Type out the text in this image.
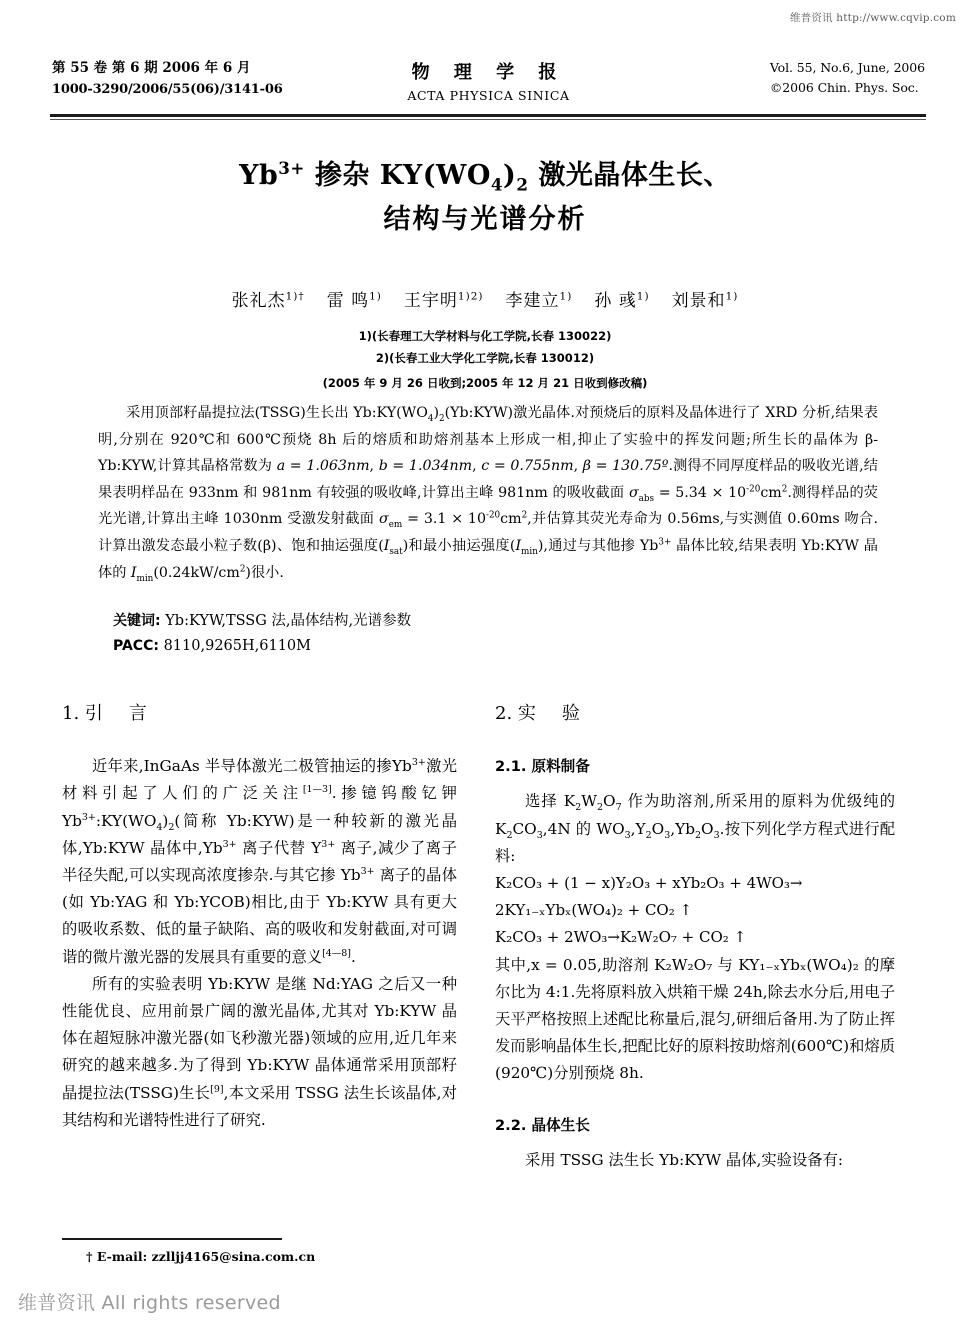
维普资讯 http://www.cqvip.com
第 55 卷 第 6 期 2006 年 6 月
1000-3290/2006/55(06)/3141-06
物 理 学 报
ACTA PHYSICA SINICA
Vol. 55, No.6, June, 2006
©2006 Chin. Phys. Soc.
$Yb^{3+}$ 掺杂 $KY(WO_4)_2$ 激光晶体生长、
结构与光谱分析
张礼杰$^{1)\dagger}$ 雷 鸣$^{1)}$ 王宇明$^{1)2)}$ 李建立$^{1)}$ 孙 彧$^{1)}$ 刘景和$^{1)}$
1)(长春理工大学材料与化工学院,长春 130022)
2)(长春工业大学化工学院,长春 130012)
(2005 年 9 月 26 日收到;2005 年 12 月 21 日收到修改稿)
采用顶部籽晶提拉法(TSSG)生长出 $Yb:KY(WO_4)_2(Yb:KYW)$激光晶体.对预烧后的原料及晶体进行了 XRD 分析,结果表明,分别在 920℃和 600℃预烧 8h 后的熔质和助熔剂基本上形成一相,抑止了实验中的挥发问题;所生长的晶体为 β-Yb:KYW,计算其晶格常数为 a = 1.063nm, b = 1.034nm, c = 0.755nm, β = 130.75º.测得不同厚度样品的吸收光谱,结果表明样品在 933nm 和 981nm 有较强的吸收峰,计算出主峰 981nm 的吸收截面 $\sigma_{abs} = 5.34 \times 10^{-20}cm^2$.测得样品的荧光光谱,计算出主峰 1030nm 受激发射截面 $\sigma_{em} = 3.1 \times 10^{-20}cm^2$,并估算其荧光寿命为 0.56ms,与实测值 0.60ms 吻合.计算出激发态最小粒子数(β)、饱和抽运强度$(I_{sat})$和最小抽运强度$(I_{min})$,通过与其他掺 $Yb^{3+}$ 晶体比较,结果表明 Yb:KYW 晶体的 $I_{min}(0.24kW/cm^2)$很小.
关键词: Yb:KYW,TSSG 法,晶体结构,光谱参数
PACC: 8110,9265H,6110M
1. 引 言

近年来,InGaAs 半导体激光二极管抽运的掺$Yb^{3+}$激光材料引起了人们的广泛关注[1—3].掺镱钨酸钇钾 $Yb^{3+}:KY(WO_4)_2$(简称 Yb:KYW)是一种较新的激光晶体,Yb:KYW 晶体中$,Yb^{3+}$ 离子代替 $Y^{3+}$ 离子,减少了离子半径失配,可以实现高浓度掺杂.与其它掺 $Yb^{3+}$ 离子的晶体(如 Yb:YAG 和 Yb:YCOB)相比,由于 Yb:KYW 具有更大的吸收系数、低的量子缺陷、高的吸收和发射截面,对可调谐的微片激光器的发展具有重要的意义[4—8].

所有的实验表明 Yb:KYW 是继 Nd:YAG 之后又一种性能优良、应用前景广阔的激光晶体,尤其对 Yb:KYW 晶体在超短脉冲激光器(如飞秒激光器)领域的应用,近几年来研究的越来越多.为了得到 Yb:KYW 晶体通常采用顶部籽晶提拉法(TSSG)生长[9],本文采用 TSSG 法生长该晶体,对其结构和光谱特性进行了研究.

2. 实 验
2.1. 原料制备

选择 $K_2W_2O_7$ 作为助溶剂,所采用的原料为优级纯的 $K_2CO_3,4N$ 的 $WO_3,Y_2O_3,Yb_2O_3$.按下列化学方程式进行配料:

K₂CO₃ + (1 − x)Y₂O₃ + xYb₂O₃ + 4WO₃→

2KY₁₋ₓYbₓ(WO₄)₂ + CO₂ ↑

K₂CO₃ + 2WO₃→K₂W₂O₇ + CO₂ ↑

其中,x = 0.05,助溶剂 K₂W₂O₇ 与 KY₁₋ₓYbₓ(WO₄)₂ 的摩尔比为 4:1.先将原料放入烘箱干燥 24h,除去水分后,用电子天平严格按照上述配比称量后,混匀,研细后备用.为了防止挥发而影响晶体生长,把配比好的原料按助熔剂(600℃)和熔质(920℃)分别预烧 8h.

2.2. 晶体生长

采用 TSSG 法生长 Yb:KYW 晶体,实验设备有:

† E-mail: zzlljj4165@sina.com.cn
维普资讯 All rights reserved
